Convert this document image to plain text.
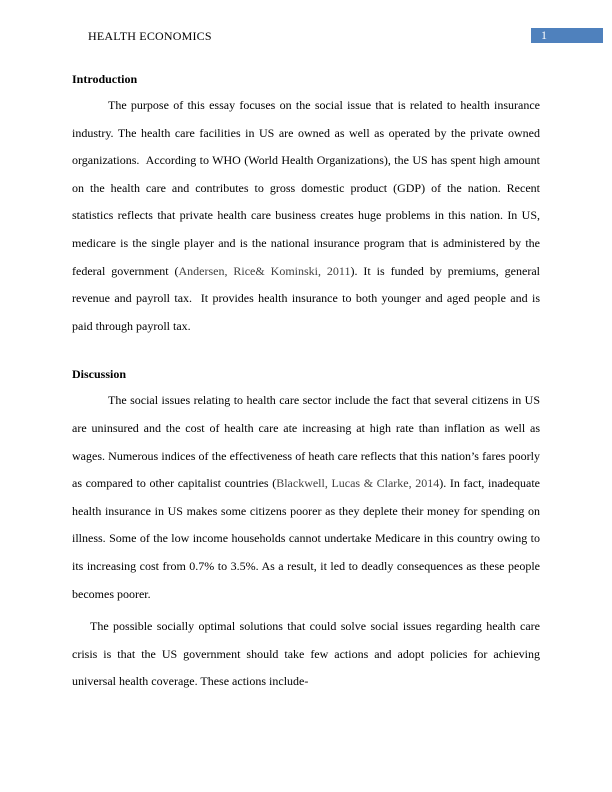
HEALTH ECONOMICS	1

Introduction

The purpose of this essay focuses on the social issue that is related to health insurance industry. The health care facilities in US are owned as well as operated by the private owned organizations.  According to WHO (World Health Organizations), the US has spent high amount on the health care and contributes to gross domestic product (GDP) of the nation. Recent statistics reflects that private health care business creates huge problems in this nation. In US, medicare is the single player and is the national insurance program that is administered by the federal government (Andersen, Rice& Kominski, 2011). It is funded by premiums, general revenue and payroll tax.  It provides health insurance to both younger and aged people and is paid through payroll tax.

Discussion

The social issues relating to health care sector include the fact that several citizens in US are uninsured and the cost of health care ate increasing at high rate than inflation as well as wages. Numerous indices of the effectiveness of heath care reflects that this nation’s fares poorly as compared to other capitalist countries (Blackwell, Lucas & Clarke, 2014). In fact, inadequate health insurance in US makes some citizens poorer as they deplete their money for spending on illness. Some of the low income households cannot undertake Medicare in this country owing to its increasing cost from 0.7% to 3.5%. As a result, it led to deadly consequences as these people becomes poorer.

The possible socially optimal solutions that could solve social issues regarding health care crisis is that the US government should take few actions and adopt policies for achieving universal health coverage. These actions include-
